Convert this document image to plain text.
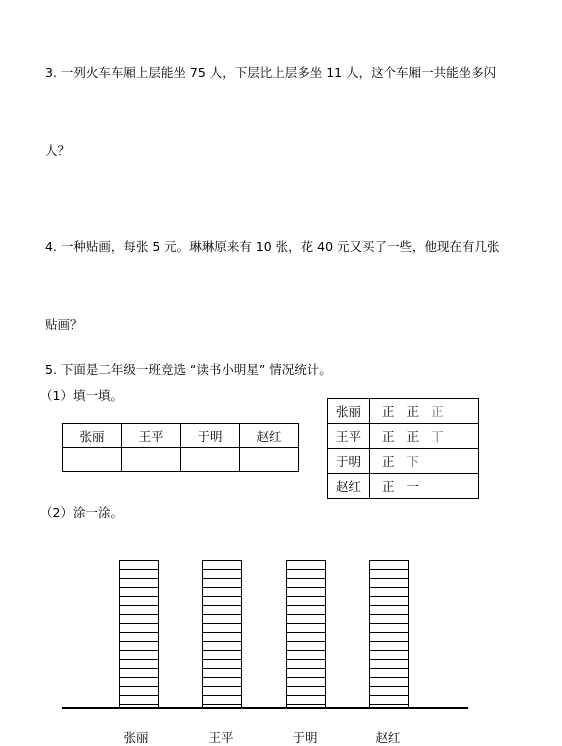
3. 一列火车车厢上层能坐 75 人，下层比上层多坐 11 人，这个车厢一共能坐多闪

人？

4. 一种贴画，每张 5 元。琳琳原来有 10 张，花 40 元又买了一些，他现在有几张

贴画？

5. 下面是二年级一班竞选 “读书小明星” 情况统计。
（1）填一填。
张丽	王平	于明	赵红

张丽	正 正 正
王平	正 正 丅
于明	正 下
赵红	正 一
（2）涂一涂。
张丽	王平	于明	赵红
